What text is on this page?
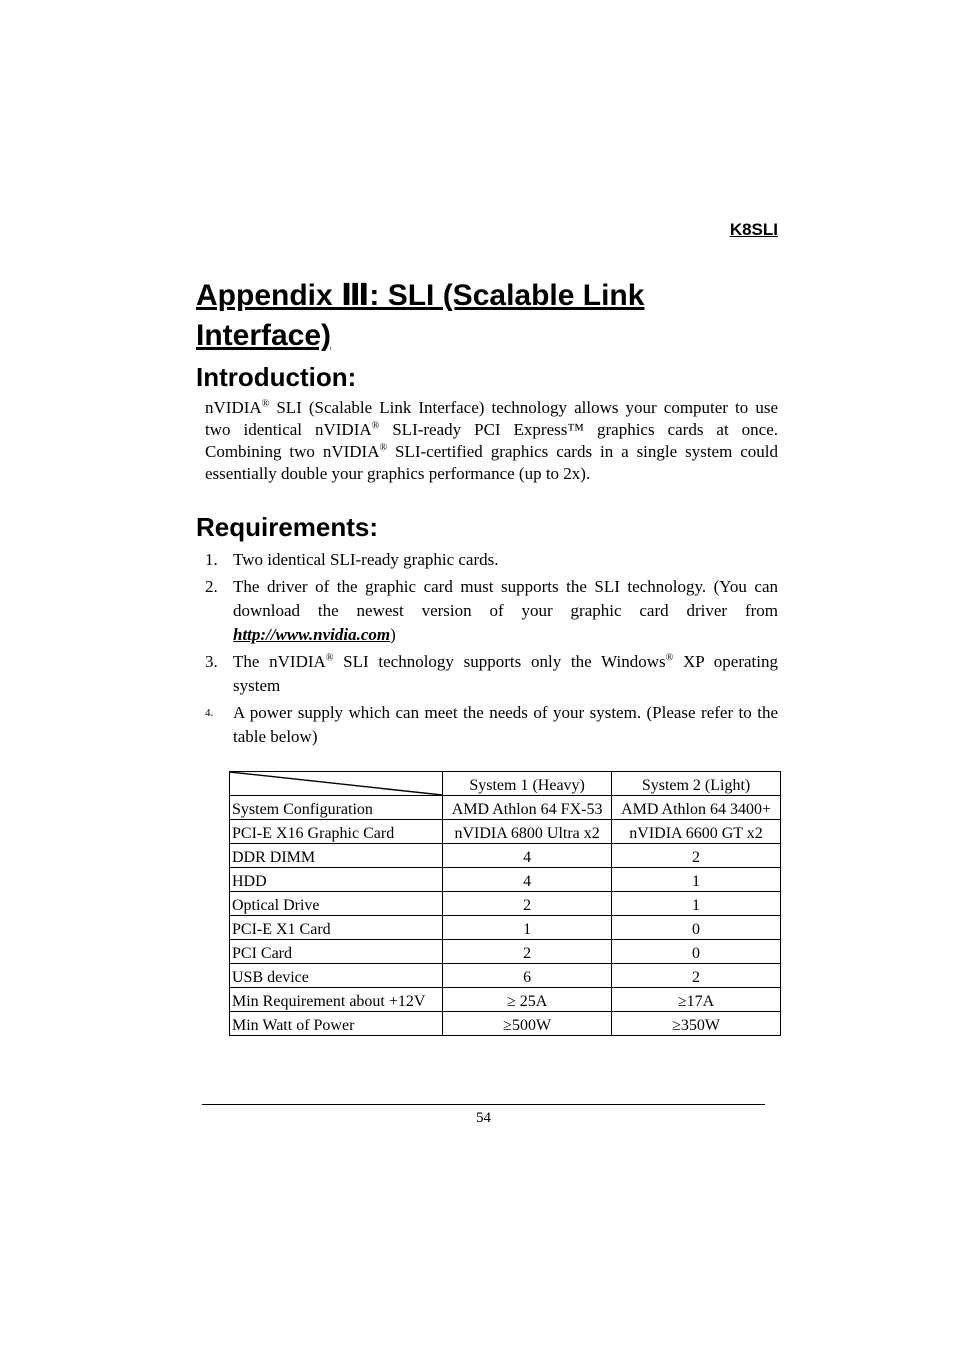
K8SLI
Appendix Ⅲ: SLI (Scalable Link
Interface)
Introduction:

nVIDIA® SLI (Scalable Link Interface) technology allows your computer to use two identical nVIDIA® SLI-ready PCI Express™ graphics cards at once. Combining two nVIDIA® SLI-certified graphics cards in a single system could essentially double your graphics performance (up to 2x).

Requirements:
1. Two identical SLI-ready graphic cards.
2. The driver of the graphic card must supports the SLI technology. (You can download the newest version of your graphic card driver from http://www.nvidia.com)
3. The nVIDIA® SLI technology supports only the Windows® XP operating system
4. A power supply which can meet the needs of your system. (Please refer to the table below)
	System 1 (Heavy)	System 2 (Light)
System Configuration	AMD Athlon 64 FX-53	AMD Athlon 64 3400+
PCI-E X16 Graphic Card	nVIDIA 6800 Ultra x2	nVIDIA 6600 GT x2
DDR DIMM	4	2
HDD	4	1
Optical Drive	2	1
PCI-E X1 Card	1	0
PCI Card	2	0
USB device	6	2
Min Requirement about +12V	≥ 25A	≥17A
Min Watt of Power	≥500W	≥350W
54
